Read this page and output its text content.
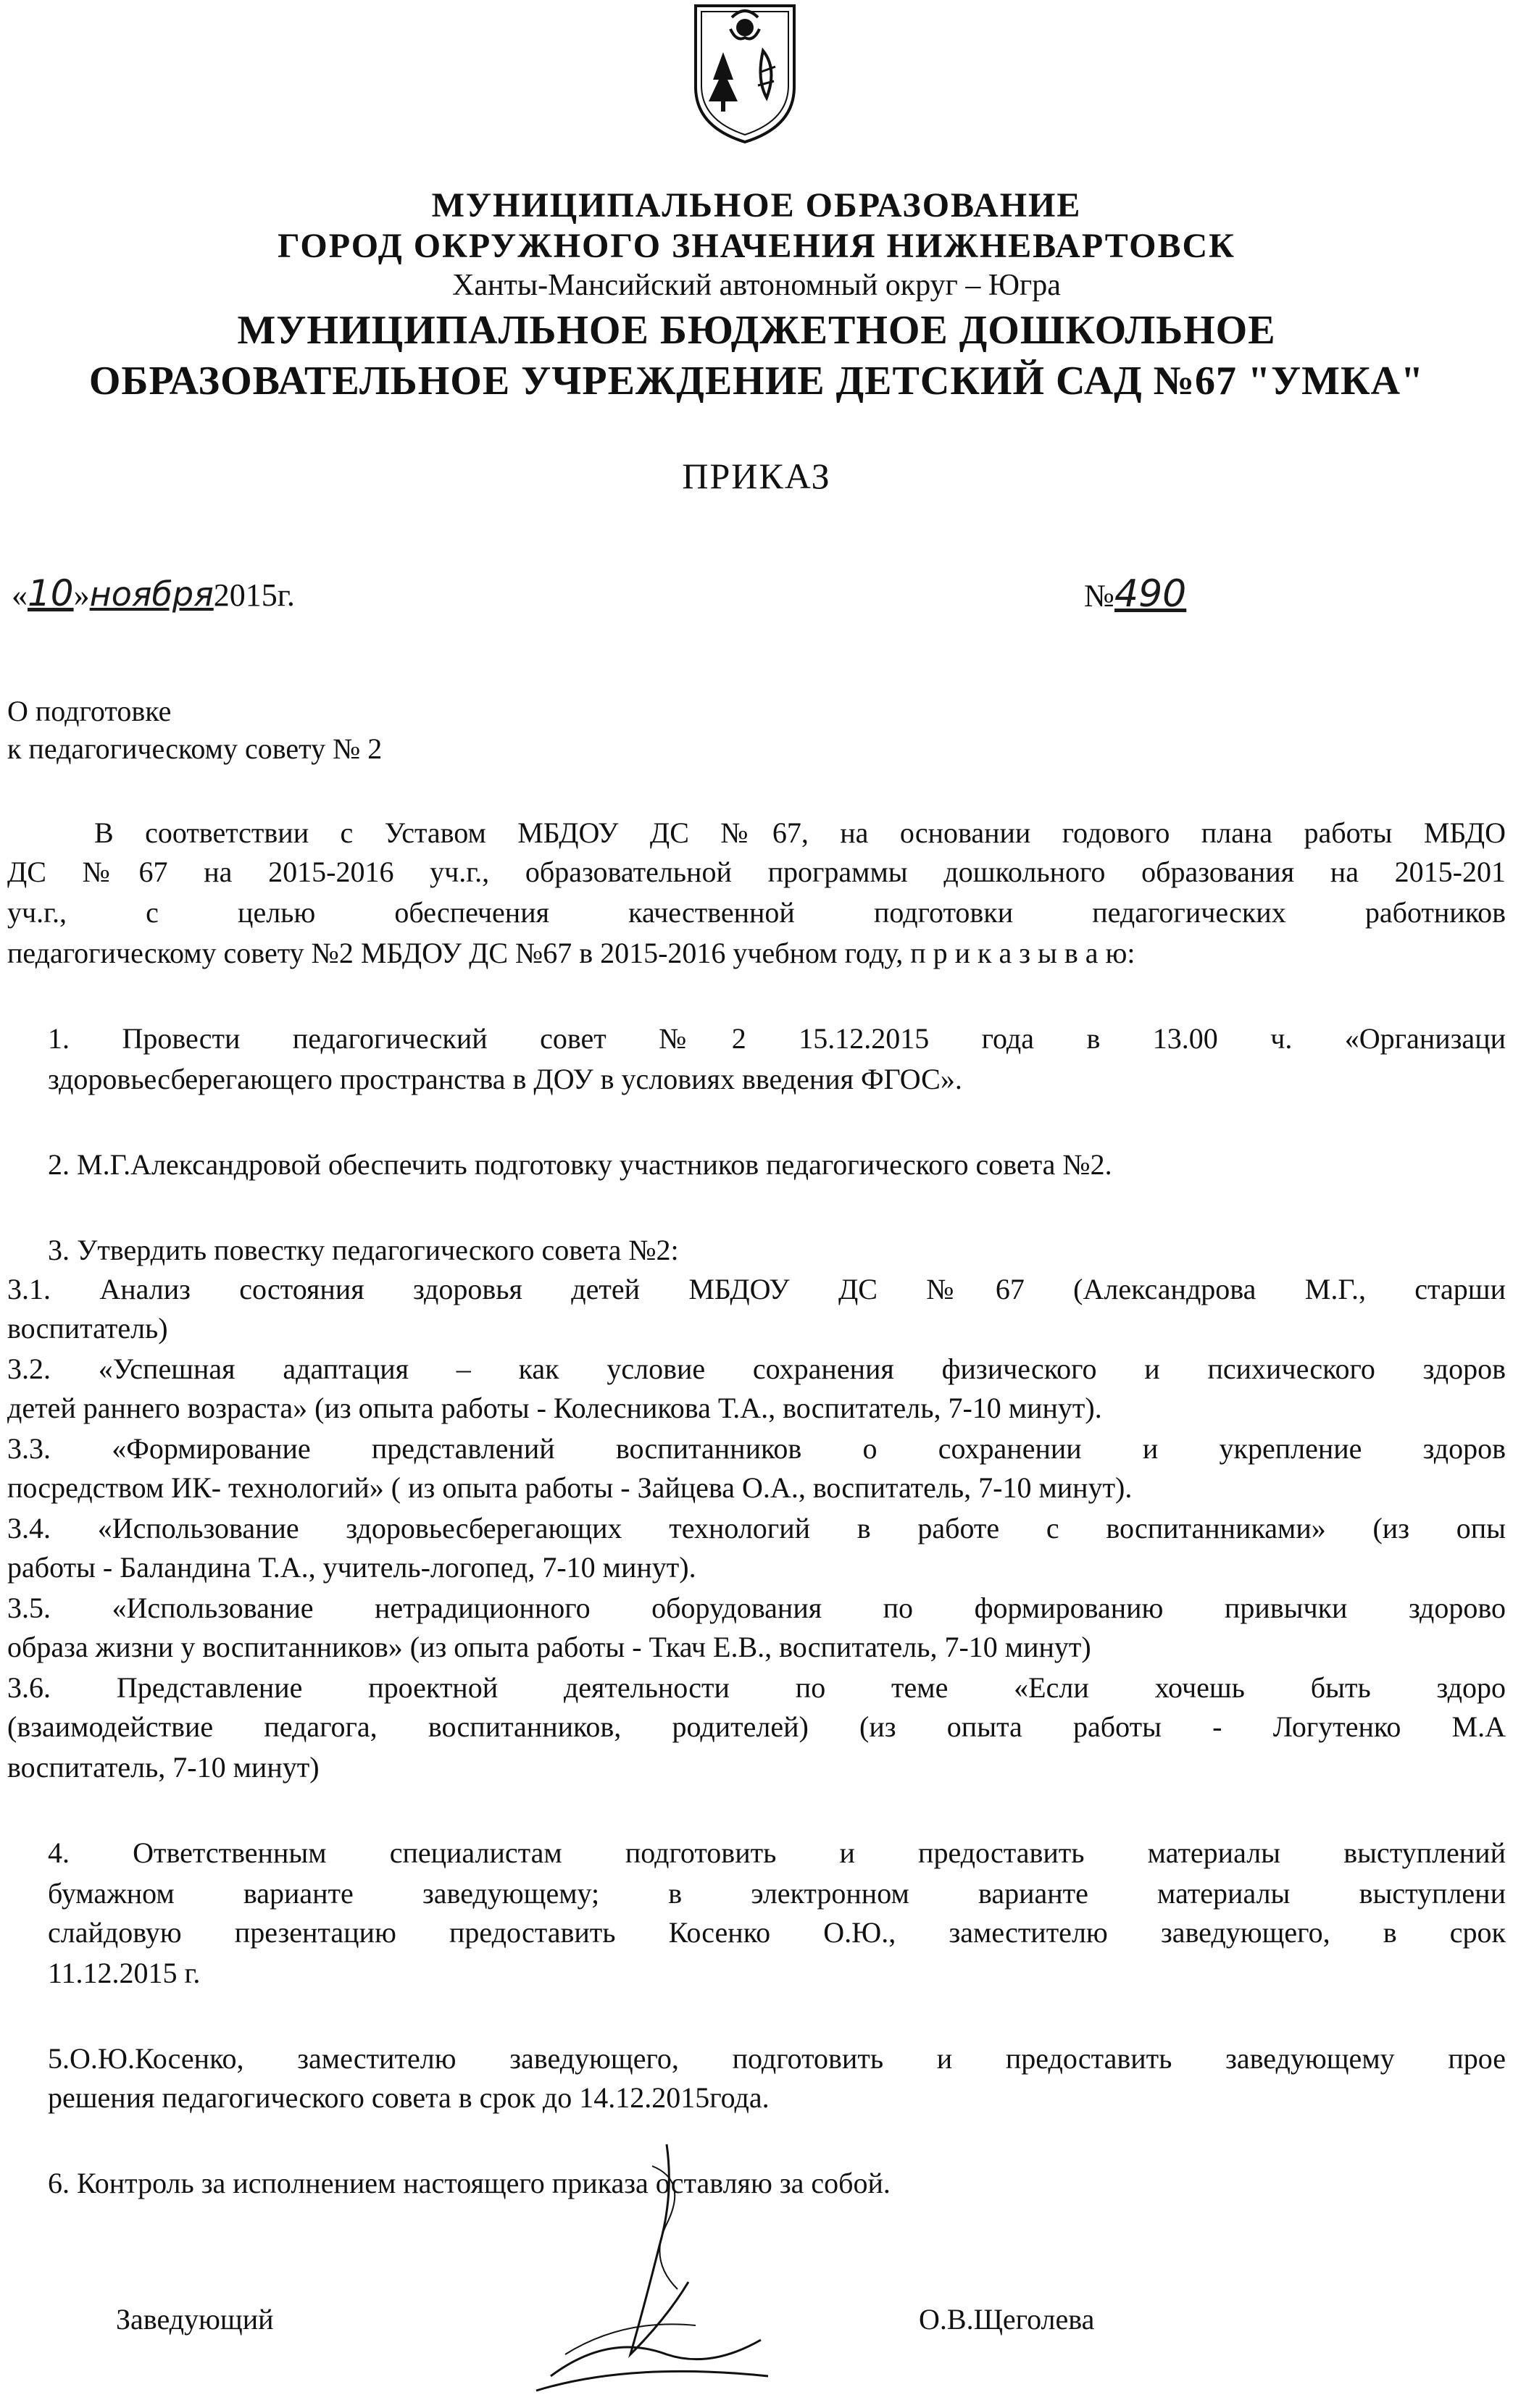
МУНИЦИПАЛЬНОЕ ОБРАЗОВАНИЕ
ГОРОД ОКРУЖНОГО ЗНАЧЕНИЯ НИЖНЕВАРТОВСК
Ханты-Мансийский автономный округ – Югра
МУНИЦИПАЛЬНОЕ БЮДЖЕТНОЕ ДОШКОЛЬНОЕ
ОБРАЗОВАТЕЛЬНОЕ УЧРЕЖДЕНИЕ ДЕТСКИЙ САД №67 "УМКА"
ПРИКАЗ
«10»ноября2015г.	№490
О подготовке
к педагогическому совету № 2
В соответствии с Уставом МБДОУ ДС №67, на основании годового плана работы МБДО
ДС №67 на 2015-2016 уч.г., образовательной программы дошкольного образования на 2015-201
уч.г., с целью обеспечения качественной подготовки педагогических работников
педагогическому совету №2 МБДОУ ДС №67 в 2015-2016 учебном году, п р и к а з ы в а ю:
1. Провести педагогический совет №2 15.12.2015 года в 13.00 ч. «Организаци
здоровьесберегающего пространства в ДОУ в условиях введения ФГОС».
2. М.Г.Александровой обеспечить подготовку участников педагогического совета №2.
3. Утвердить повестку педагогического совета №2:
3.1. Анализ состояния здоровья детей МБДОУ ДС №67 (Александрова М.Г., старши
воспитатель)
3.2. «Успешная адаптация – как условие сохранения физического и психического здоров
детей раннего возраста» (из опыта работы - Колесникова Т.А., воспитатель, 7-10 минут).
3.3. «Формирование представлений воспитанников о сохранении и укрепление здоров
посредством ИК- технологий» ( из опыта работы - Зайцева О.А., воспитатель, 7-10 минут).
3.4. «Использование здоровьесберегающих технологий в работе с воспитанниками» (из опы
работы - Баландина Т.А., учитель-логопед, 7-10 минут).
3.5. «Использование нетрадиционного оборудования по формированию привычки здорово
образа жизни у воспитанников» (из опыта работы - Ткач Е.В., воспитатель, 7-10 минут)
3.6. Представление проектной деятельности по теме «Если хочешь быть здоро
(взаимодействие педагога, воспитанников, родителей) (из опыта работы - Логутенко М.А
воспитатель, 7-10 минут)
4. Ответственным специалистам подготовить и предоставить материалы выступлений
бумажном варианте заведующему; в электронном варианте материалы выступлени
слайдовую презентацию предоставить Косенко О.Ю., заместителю заведующего, в срок
11.12.2015 г.
5.О.Ю.Косенко, заместителю заведующего, подготовить и предоставить заведующему прое
решения педагогического совета в срок до 14.12.2015года.
6. Контроль за исполнением настоящего приказа оставляю за собой.
Заведующий	О.В.Щеголева
